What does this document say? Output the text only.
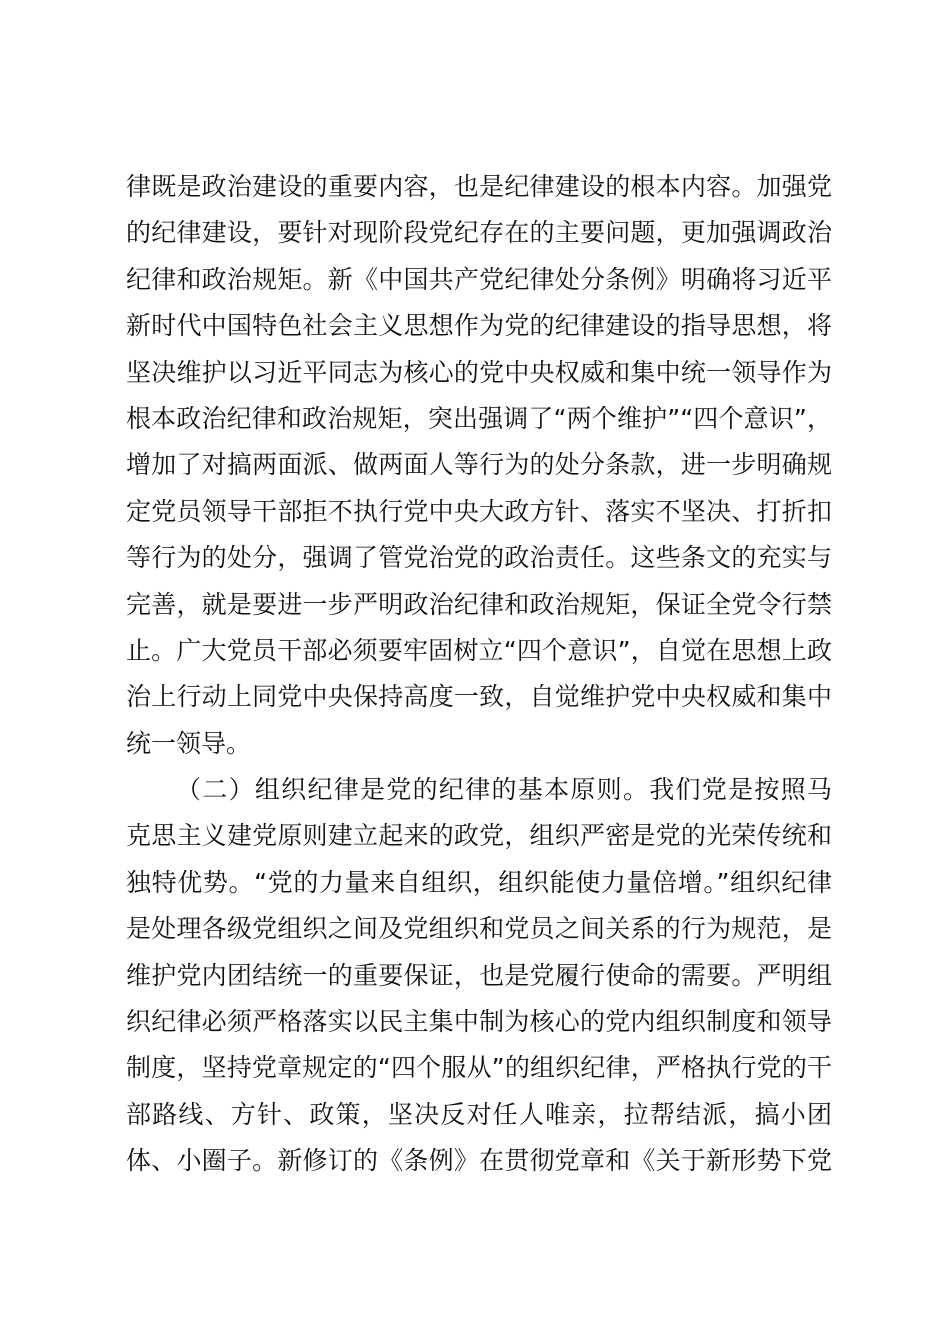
律既是政治建设的重要内容，也是纪律建设的根本内容。加强党
的纪律建设，要针对现阶段党纪存在的主要问题，更加强调政治
纪律和政治规矩。新《中国共产党纪律处分条例》明确将习近平
新时代中国特色社会主义思想作为党的纪律建设的指导思想，将
坚决维护以习近平同志为核心的党中央权威和集中统一领导作为
根本政治纪律和政治规矩，突出强调了“两个维护”“四个意识”，
增加了对搞两面派、做两面人等行为的处分条款，进一步明确规
定党员领导干部拒不执行党中央大政方针、落实不坚决、打折扣
等行为的处分，强调了管党治党的政治责任。这些条文的充实与
完善，就是要进一步严明政治纪律和政治规矩，保证全党令行禁
止。广大党员干部必须要牢固树立“四个意识”，自觉在思想上政
治上行动上同党中央保持高度一致，自觉维护党中央权威和集中
统一领导。
（二）组织纪律是党的纪律的基本原则。我们党是按照马
克思主义建党原则建立起来的政党，组织严密是党的光荣传统和
独特优势。“党的力量来自组织，组织能使力量倍增。”组织纪律
是处理各级党组织之间及党组织和党员之间关系的行为规范，是
维护党内团结统一的重要保证，也是党履行使命的需要。严明组
织纪律必须严格落实以民主集中制为核心的党内组织制度和领导
制度，坚持党章规定的“四个服从”的组织纪律，严格执行党的干
部路线、方针、政策，坚决反对任人唯亲，拉帮结派，搞小团
体、小圈子。新修订的《条例》在贯彻党章和《关于新形势下党
